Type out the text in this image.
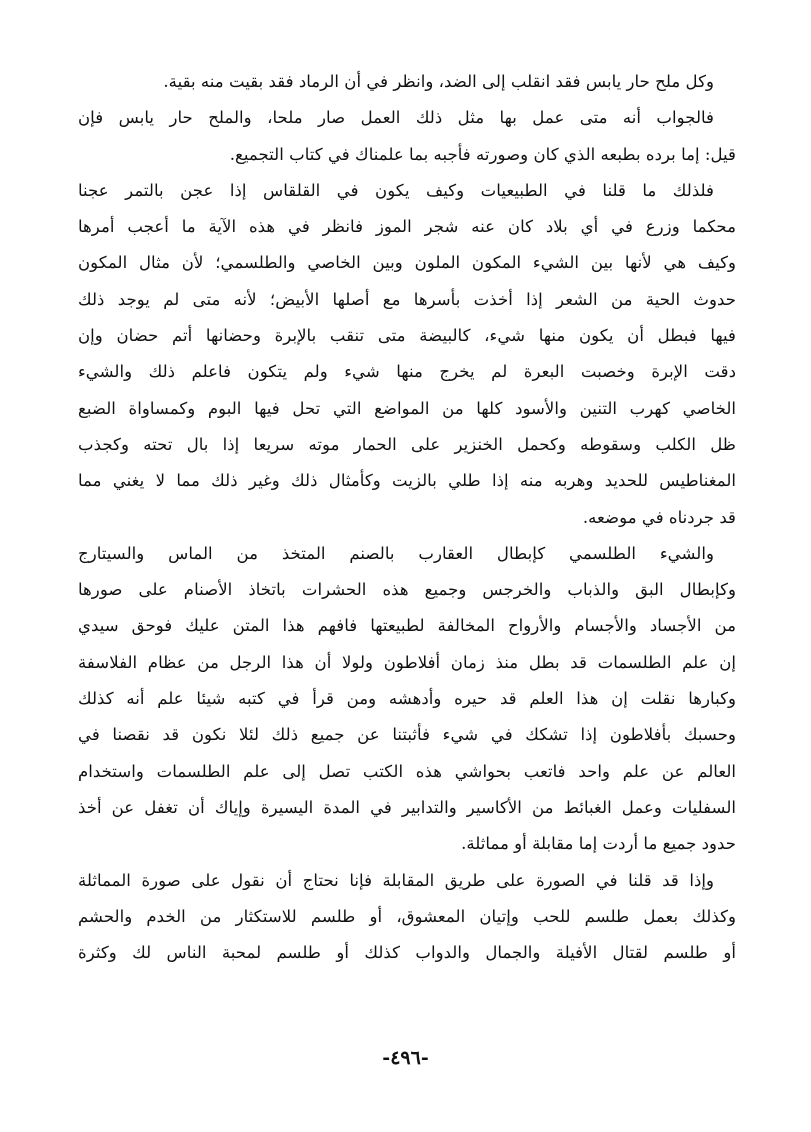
وكل ملح حار يابس فقد انقلب إلى الضد، وانظر في أن الرماد فقد بقيت منه بقية.
فالجواب أنه متى عمل بها مثل ذلك العمل صار ملحا، والملح حار يابس فإن
قيل: إما برده بطبعه الذي كان وصورته فأجبه بما علمناك في كتاب التجميع.
فلذلك ما قلنا في الطبيعيات وكيف يكون في القلقاس إذا عجن بالتمر عجنا
محكما وزرع في أي بلاد كان عنه شجر الموز فانظر في هذه الآية ما أعجب أمرها
وكيف هي لأنها بين الشيء المكون الملون وبين الخاصي والطلسمي؛ لأن مثال المكون
حدوث الحية من الشعر إذا أخذت بأسرها مع أصلها الأبيض؛ لأنه متى لم يوجد ذلك
فيها فبطل أن يكون منها شيء، كالبيضة متى تنقب بالإبرة وحضانها أتم حضان وإن
دقت الإبرة وخصبت البعرة لم يخرج منها شيء ولم يتكون فاعلم ذلك والشيء
الخاصي كهرب التنين والأسود كلها من المواضع التي تحل فيها البوم وكمساواة الضبع
ظل الكلب وسقوطه وكحمل الخنزير على الحمار موته سريعا إذا بال تحته وكجذب
المغناطيس للحديد وهربه منه إذا طلي بالزيت وكأمثال ذلك وغير ذلك مما لا يغني مما
قد جردناه في موضعه.
والشيء الطلسمي كإبطال العقارب بالصنم المتخذ من الماس والسيتارج
وكإبطال البق والذباب والخرجس وجميع هذه الحشرات باتخاذ الأصنام على صورها
من الأجساد والأجسام والأرواح المخالفة لطبيعتها فافهم هذا المتن عليك فوحق سيدي
إن علم الطلسمات قد بطل منذ زمان أفلاطون ولولا أن هذا الرجل من عظام الفلاسفة
وكبارها نقلت إن هذا العلم قد حيره وأدهشه ومن قرأ في كتبه شيئا علم أنه كذلك
وحسبك بأفلاطون إذا تشكك في شيء فأثبتنا عن جميع ذلك لئلا نكون قد نقصنا في
العالم عن علم واحد فاتعب بحواشي هذه الكتب تصل إلى علم الطلسمات واستخدام
السفليات وعمل الغبائط من الأكاسير والتدابير في المدة اليسيرة وإياك أن تغفل عن أخذ
حدود جميع ما أردت إما مقابلة أو مماثلة.
وإذا قد قلنا في الصورة على طريق المقابلة فإنا نحتاج أن نقول على صورة المماثلة
وكذلك بعمل طلسم للحب وإتيان المعشوق، أو طلسم للاستكثار من الخدم والحشم
أو طلسم لقتال الأفيلة والجمال والدواب كذلك أو طلسم لمحبة الناس لك وكثرة
-٤٩٦-
